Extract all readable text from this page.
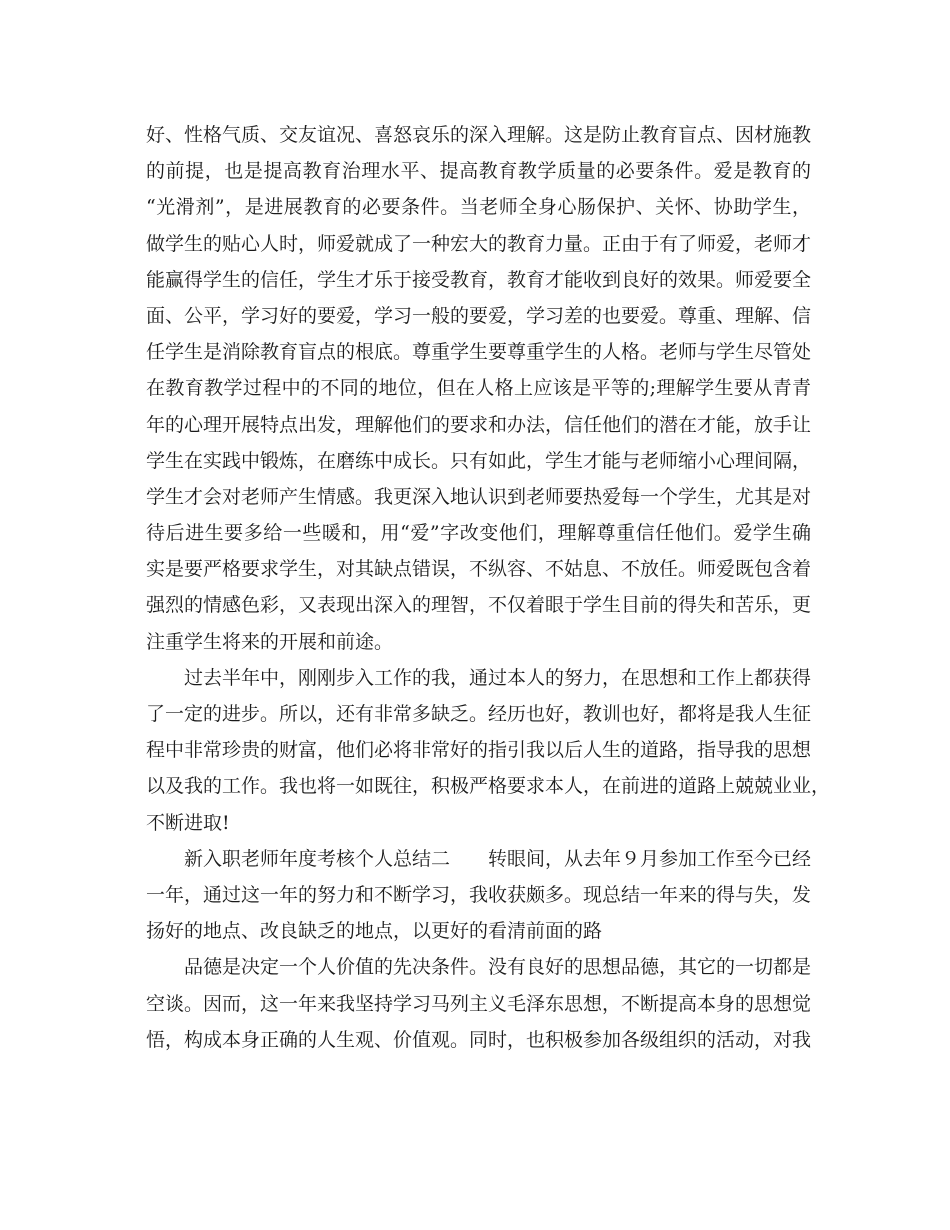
好、性格气质、交友谊况、喜怒哀乐的深入理解。这是防止教育盲点、因材施教
的前提，也是提高教育治理水平、提高教育教学质量的必要条件。爱是教育的
“光滑剂”，是进展教育的必要条件。当老师全身心肠保护、关怀、协助学生，
做学生的贴心人时，师爱就成了一种宏大的教育力量。正由于有了师爱，老师才
能赢得学生的信任，学生才乐于接受教育，教育才能收到良好的效果。师爱要全
面、公平，学习好的要爱，学习一般的要爱，学习差的也要爱。尊重、理解、信
任学生是消除教育盲点的根底。尊重学生要尊重学生的人格。老师与学生尽管处
在教育教学过程中的不同的地位，但在人格上应该是平等的;理解学生要从青青
年的心理开展特点出发，理解他们的要求和办法，信任他们的潜在才能，放手让
学生在实践中锻炼，在磨练中成长。只有如此，学生才能与老师缩小心理间隔，
学生才会对老师产生情感。我更深入地认识到老师要热爱每一个学生，尤其是对
待后进生要多给一些暖和，用“爱”字改变他们，理解尊重信任他们。爱学生确
实是要严格要求学生，对其缺点错误，不纵容、不姑息、不放任。师爱既包含着
强烈的情感色彩，又表现出深入的理智，不仅着眼于学生目前的得失和苦乐，更
注重学生将来的开展和前途。
过去半年中，刚刚步入工作的我，通过本人的努力，在思想和工作上都获得
了一定的进步。所以，还有非常多缺乏。经历也好，教训也好，都将是我人生征
程中非常珍贵的财富，他们必将非常好的指引我以后人生的道路，指导我的思想
以及我的工作。我也将一如既往，积极严格要求本人，在前进的道路上兢兢业业，
不断进取!
新入职老师年度考核个人总结二　　转眼间，从去年９月参加工作至今已经
一年，通过这一年的努力和不断学习，我收获颇多。现总结一年来的得与失，发
扬好的地点、改良缺乏的地点，以更好的看清前面的路
品德是决定一个人价值的先决条件。没有良好的思想品德，其它的一切都是
空谈。因而，这一年来我坚持学习马列主义毛泽东思想，不断提高本身的思想觉
悟，构成本身正确的人生观、价值观。同时，也积极参加各级组织的活动，对我
